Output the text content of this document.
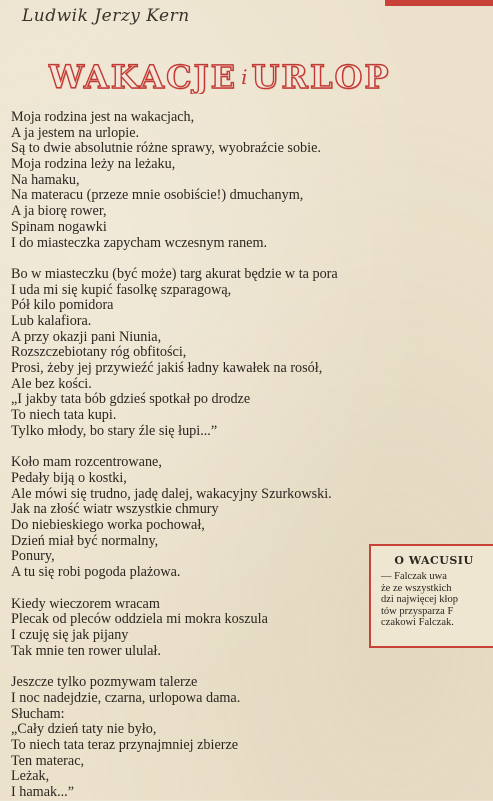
Ludwik Jerzy Kern
WAKACJE i URLOP
Moja rodzina jest na wakacjach,
A ja jestem na urlopie.
Są to dwie absolutnie różne sprawy, wyobraźcie sobie.
Moja rodzina leży na leżaku,
Na hamaku,
Na materacu (przeze mnie osobiście!) dmuchanym,
A ja biorę rower,
Spinam nogawki
I do miasteczka zapycham wczesnym ranem.
Bo w miasteczku (być może) targ akurat będzie w ta pora
I uda mi się kupić fasolkę szparagową,
Pół kilo pomidora
Lub kalafiora.
A przy okazji pani Niunia,
Rozszczebiotany róg obfitości,
Prosi, żeby jej przywieźć jakiś ładny kawałek na rosół,
Ale bez kości.
„I jakby tata bób gdzieś spotkał po drodze
To niech tata kupi.
Tylko młody, bo stary źle się łupi...”
Koło mam rozcentrowane,
Pedały biją o kostki,
Ale mówi się trudno, jadę dalej, wakacyjny Szurkowski.
Jak na złość wiatr wszystkie chmury
Do niebieskiego worka pochował,
Dzień miał być normalny,
Ponury,
A tu się robi pogoda plażowa.
Kiedy wieczorem wracam
Plecak od pleców oddziela mi mokra koszula
I czuję się jak pijany
Tak mnie ten rower ululał.
Jeszcze tylko pozmywam talerze
I noc nadejdzie, czarna, urlopowa dama.
Słucham:
„Cały dzień taty nie było,
To niech tata teraz przynajmniej zbierze
Ten materac,
Leżak,
I hamak...”
O WACUSIU
— Falczak uwa
że ze wszystkich
dzi najwięcej kłop
tów przysparza F
czakowi Falczak.
